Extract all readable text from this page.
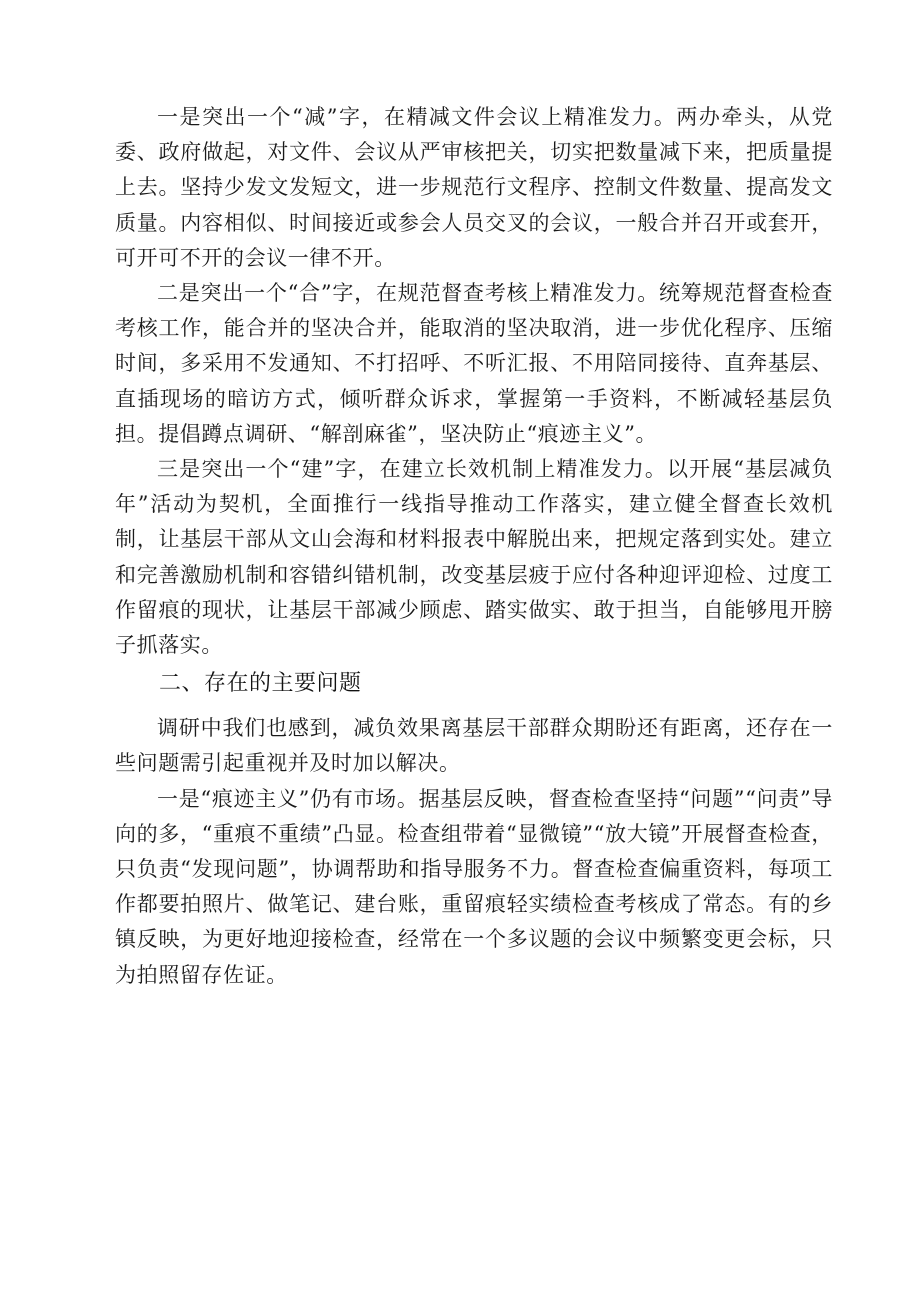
一是突出一个“减”字，在精减文件会议上精准发力。两办牵头，从党委、政府做起，对文件、会议从严审核把关，切实把数量减下来，把质量提上去。坚持少发文发短文，进一步规范行文程序、控制文件数量、提高发文质量。内容相似、时间接近或参会人员交叉的会议，一般合并召开或套开，可开可不开的会议一律不开。

二是突出一个“合”字，在规范督查考核上精准发力。统筹规范督查检查考核工作，能合并的坚决合并，能取消的坚决取消，进一步优化程序、压缩时间，多采用不发通知、不打招呼、不听汇报、不用陪同接待、直奔基层、直插现场的暗访方式，倾听群众诉求，掌握第一手资料，不断减轻基层负担。提倡蹲点调研、“解剖麻雀”，坚决防止“痕迹主义”。

三是突出一个“建”字，在建立长效机制上精准发力。以开展“基层减负年”活动为契机，全面推行一线指导推动工作落实，建立健全督查长效机制，让基层干部从文山会海和材料报表中解脱出来，把规定落到实处。建立和完善激励机制和容错纠错机制，改变基层疲于应付各种迎评迎检、过度工作留痕的现状，让基层干部减少顾虑、踏实做实、敢于担当，自能够甩开膀子抓落实。

二、存在的主要问题

调研中我们也感到，减负效果离基层干部群众期盼还有距离，还存在一些问题需引起重视并及时加以解决。

一是“痕迹主义”仍有市场。据基层反映，督查检查坚持“问题”“问责”导向的多，“重痕不重绩”凸显。检查组带着“显微镜”“放大镜”开展督查检查，只负责“发现问题”，协调帮助和指导服务不力。督查检查偏重资料，每项工作都要拍照片、做笔记、建台账，重留痕轻实绩检查考核成了常态。有的乡镇反映，为更好地迎接检查，经常在一个多议题的会议中频繁变更会标，只为拍照留存佐证。
